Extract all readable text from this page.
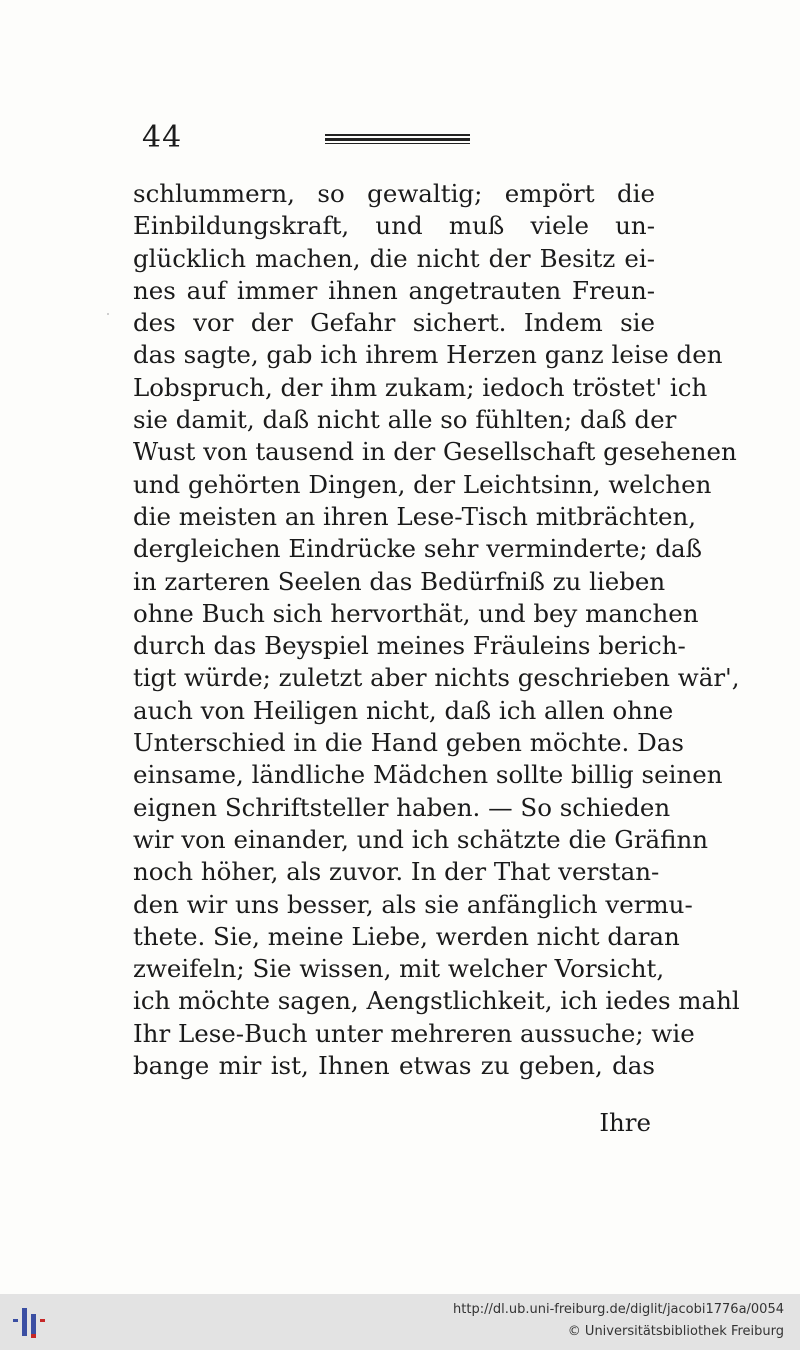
44
schlummern, so gewaltig; empört die
Einbildungskraft, und muß viele un-
glücklich machen, die nicht der Besitz ei-
nes auf immer ihnen angetrauten Freun-
des vor der Gefahr sichert. Indem sie
das sagte, gab ich ihrem Herzen ganz leise den
Lobspruch, der ihm zukam; iedoch tröstet' ich
sie damit, daß nicht alle so fühlten; daß der
Wust von tausend in der Gesellschaft gesehenen
und gehörten Dingen, der Leichtsinn, welchen
die meisten an ihren Lese-Tisch mitbrächten,
dergleichen Eindrücke sehr verminderte; daß
in zarteren Seelen das Bedürfniß zu lieben
ohne Buch sich hervorthät, und bey manchen
durch das Beyspiel meines Fräuleins berich-
tigt würde; zuletzt aber nichts geschrieben wär',
auch von Heiligen nicht, daß ich allen ohne
Unterschied in die Hand geben möchte. Das
einsame, ländliche Mädchen sollte billig seinen
eignen Schriftsteller haben. — So schieden
wir von einander, und ich schätzte die Gräfinn
noch höher, als zuvor. In der That verstan-
den wir uns besser, als sie anfänglich vermu-
thete. Sie, meine Liebe, werden nicht daran
zweifeln; Sie wissen, mit welcher Vorsicht,
ich möchte sagen, Aengstlichkeit, ich iedes mahl
Ihr Lese-Buch unter mehreren aussuche; wie
bange mir ist, Ihnen etwas zu geben, das
Ihre
http://dl.ub.uni-freiburg.de/diglit/jacobi1776a/0054
© Universitätsbibliothek Freiburg
